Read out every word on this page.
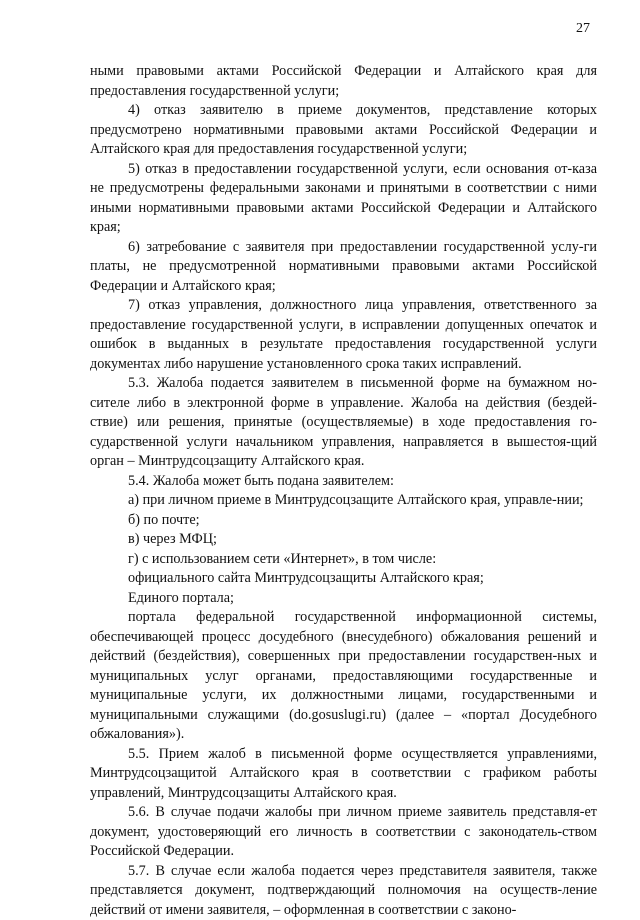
27

ными правовыми актами Российской Федерации и Алтайского края для предоставления государственной услуги;

4) отказ заявителю в приеме документов, представление которых предусмотрено нормативными правовыми актами Российской Федерации и Алтайского края для предоставления государственной услуги;

5) отказ в предоставлении государственной услуги, если основания от-каза не предусмотрены федеральными законами и принятыми в соответствии с ними иными нормативными правовыми актами Российской Федерации и Алтайского края;

6) затребование с заявителя при предоставлении государственной услу-ги платы, не предусмотренной нормативными правовыми актами Российской Федерации и Алтайского края;

7) отказ управления, должностного лица управления, ответственного за предоставление государственной услуги, в исправлении допущенных опечаток и ошибок в выданных в результате предоставления государственной услуги документах либо нарушение установленного срока таких исправлений.

5.3. Жалоба подается заявителем в письменной форме на бумажном но-сителе либо в электронной форме в управление. Жалоба на действия (бездей-ствие) или решения, принятые (осуществляемые) в ходе предоставления го-сударственной услуги начальником управления, направляется в вышестоя-щий орган – Минтрудсоцзащиту Алтайского края.

5.4. Жалоба может быть подана заявителем:

а) при личном приеме в Минтрудсоцзащите Алтайского края, управле-нии;

б) по почте;

в) через МФЦ;

г) с использованием сети «Интернет», в том числе:

официального сайта Минтрудсоцзащиты Алтайского края;

Единого портала;

портала федеральной государственной информационной системы, обеспечивающей процесс досудебного (внесудебного) обжалования решений и действий (бездействия), совершенных при предоставлении государствен-ных и муниципальных услуг органами, предоставляющими государственные и муниципальные услуги, их должностными лицами, государственными и муниципальными служащими (do.gosuslugi.ru) (далее – «портал Досудебного обжалования»).

5.5. Прием жалоб в письменной форме осуществляется управлениями, Минтрудсоцзащитой Алтайского края в соответствии с графиком работы управлений, Минтрудсоцзащиты Алтайского края.

5.6. В случае подачи жалобы при личном приеме заявитель представля-ет документ, удостоверяющий его личность в соответствии с законодатель-ством Российской Федерации.

5.7. В случае если жалоба подается через представителя заявителя, также представляется документ, подтверждающий полномочия на осуществ-ление действий от имени заявителя, – оформленная в соответствии с законо-
